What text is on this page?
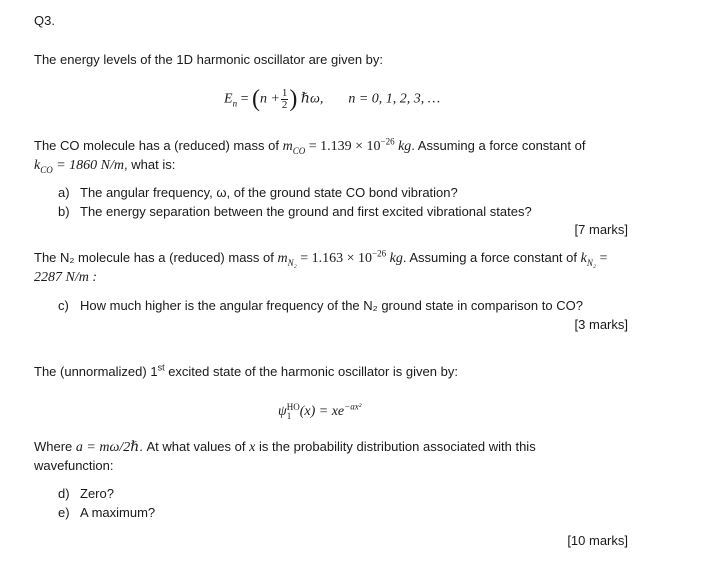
Q3.
The energy levels of the 1D harmonic oscillator are given by:
$E_n = (n + \frac{1}{2}$ ) ℏω, n = 0, 1, 2, 3, …
The CO molecule has a (reduced) mass of $m_{CO} = 1.139 \times 10^{-26}$ kg. Assuming a force constant of
$k_{CO} = 1860$ N/m, what is:
a) The angular frequency, ω, of the ground state CO bond vibration?
b) The energy separation between the ground and first excited vibrational states?
[7 marks]
The N₂ molecule has a (reduced) mass of $m_{N_2} = 1.163 \times 10^{-26}$ kg. Assuming a force constant of $k_{N_2}$ =
2287 N/m :
c) How much higher is the angular frequency of the N₂ ground state in comparison to CO?
[3 marks]
The (unnormalized) 1st excited state of the harmonic oscillator is given by:
ψ HO
1 $(x) = xe^{-ax^2}$
Where a = mω/2ℏ. At what values of x is the probability distribution associated with this
wavefunction:
d) Zero?
e) A maximum?
[10 marks]
